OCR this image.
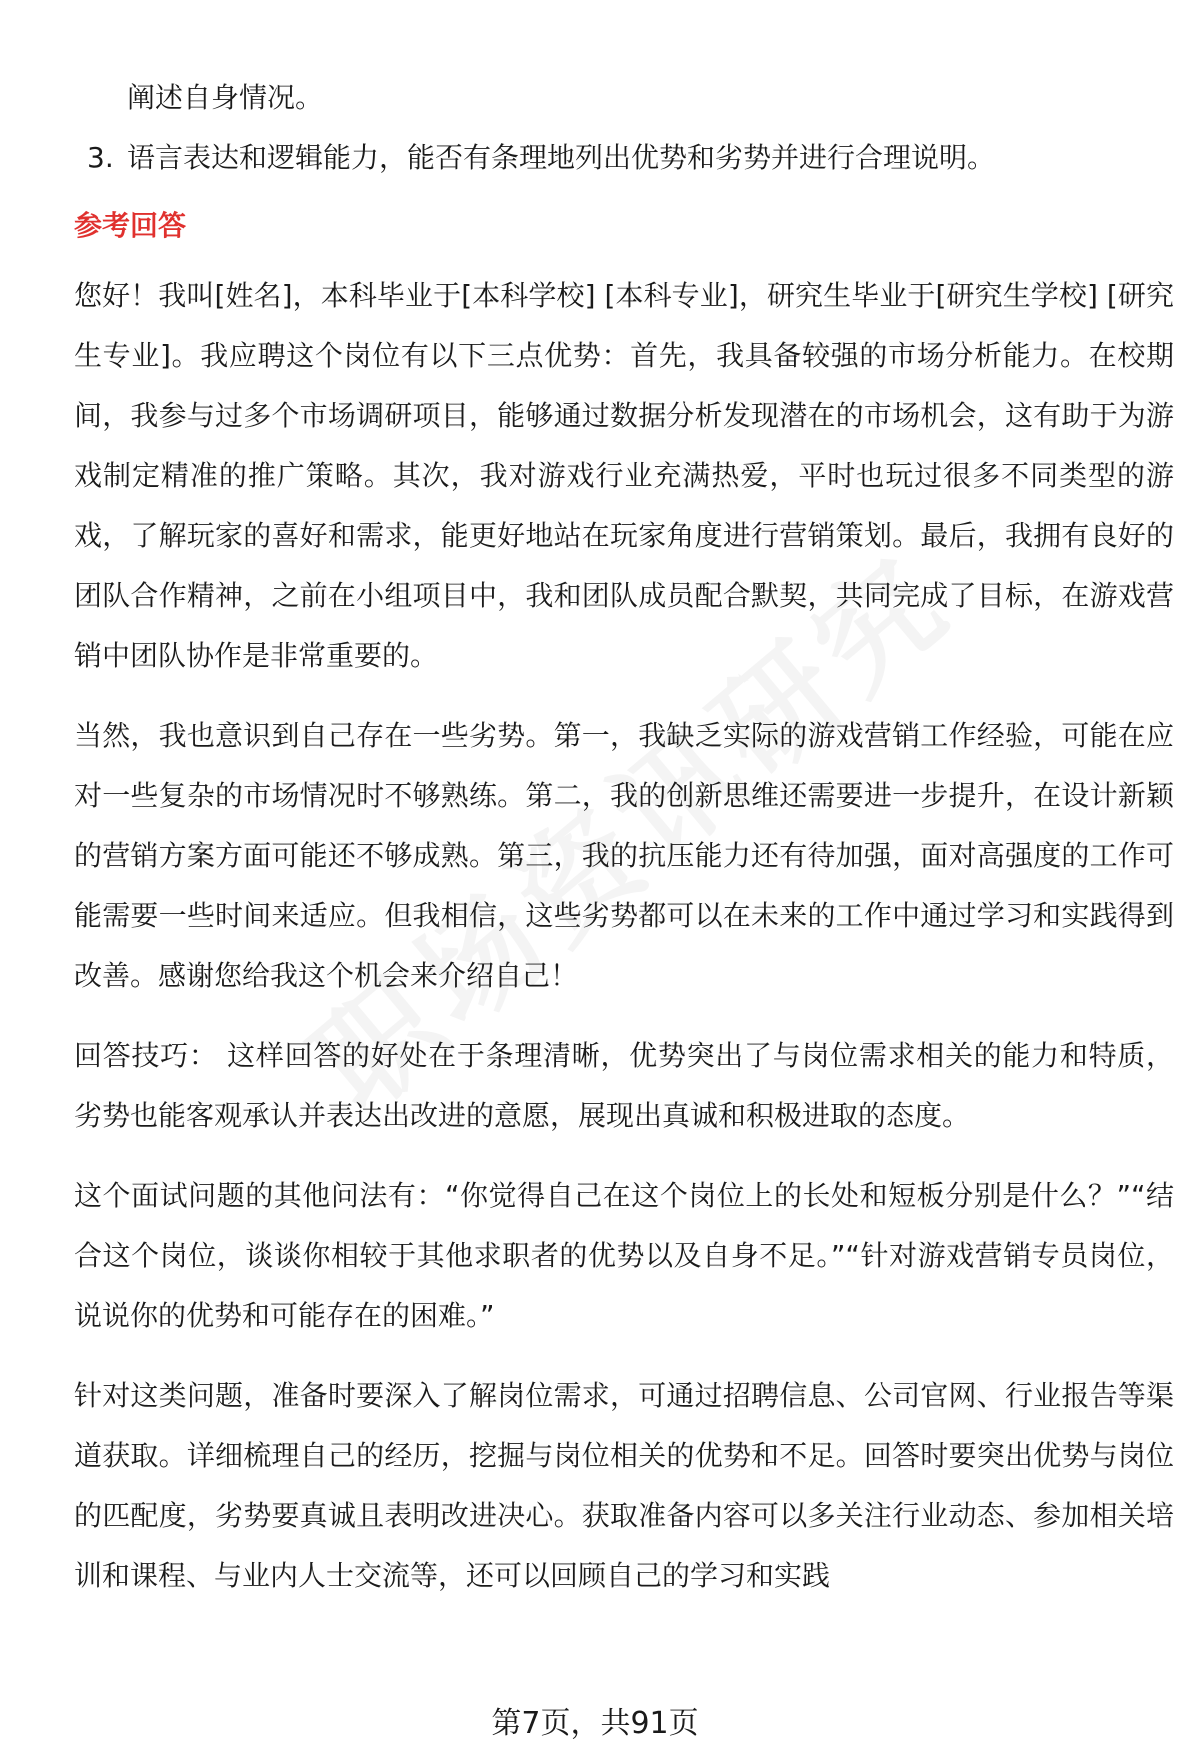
阐述自身情况。
3. 语言表达和逻辑能力，能否有条理地列出优势和劣势并进行合理说明。
参考回答
您好！我叫[姓名]，本科毕业于[本科学校] [本科专业]，研究生毕业于[研究生学校] [研究生专业]。我应聘这个岗位有以下三点优势：首先，我具备较强的市场分析能力。在校期间，我参与过多个市场调研项目，能够通过数据分析发现潜在的市场机会，这有助于为游戏制定精准的推广策略。其次，我对游戏行业充满热爱，平时也玩过很多不同类型的游戏，了解玩家的喜好和需求，能更好地站在玩家角度进行营销策划。最后，我拥有良好的团队合作精神，之前在小组项目中，我和团队成员配合默契，共同完成了目标，在游戏营销中团队协作是非常重要的。
当然，我也意识到自己存在一些劣势。第一，我缺乏实际的游戏营销工作经验，可能在应对一些复杂的市场情况时不够熟练。第二，我的创新思维还需要进一步提升，在设计新颖的营销方案方面可能还不够成熟。第三，我的抗压能力还有待加强，面对高强度的工作可能需要一些时间来适应。但我相信，这些劣势都可以在未来的工作中通过学习和实践得到改善。感谢您给我这个机会来介绍自己！
回答技巧： 这样回答的好处在于条理清晰，优势突出了与岗位需求相关的能力和特质，劣势也能客观承认并表达出改进的意愿，展现出真诚和积极进取的态度。
这个面试问题的其他问法有：“你觉得自己在这个岗位上的长处和短板分别是什么？”“结合这个岗位，谈谈你相较于其他求职者的优势以及自身不足。”“针对游戏营销专员岗位，说说你的优势和可能存在的困难。”
针对这类问题，准备时要深入了解岗位需求，可通过招聘信息、公司官网、行业报告等渠道获取。详细梳理自己的经历，挖掘与岗位相关的优势和不足。回答时要突出优势与岗位的匹配度，劣势要真诚且表明改进决心。获取准备内容可以多关注行业动态、参加相关培训和课程、与业内人士交流等，还可以回顾自己的学习和实践
第7页，共91页
